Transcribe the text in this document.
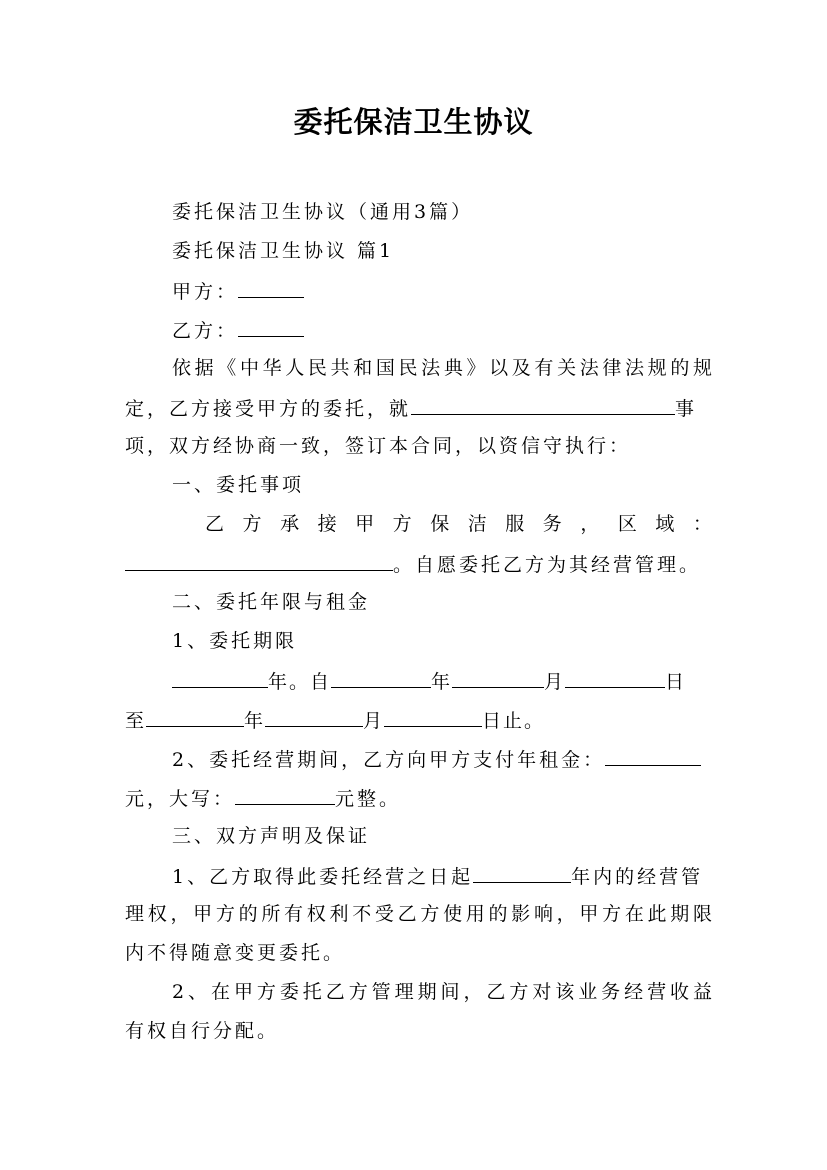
委托保洁卫生协议
委托保洁卫生协议（通用3篇）
委托保洁卫生协议 篇1
甲方：
乙方：
依据《中华人民共和国民法典》以及有关法律法规的规
定，乙方接受甲方的委托，就	事
项，双方经协商一致，签订本合同，以资信守执行：
一、委托事项
乙 方 承 接 甲 方 保 洁 服 务 ， 区 域 ：
。自愿委托乙方为其经营管理。
二、委托年限与租金
1、委托期限
年。自	年	月	日
至	年	月	日止。
2、委托经营期间，乙方向甲方支付年租金：
元，大写：	元整。
三、双方声明及保证
1、乙方取得此委托经营之日起	年内的经营管
理权，甲方的所有权利不受乙方使用的影响，甲方在此期限
内不得随意变更委托。
2、在甲方委托乙方管理期间，乙方对该业务经营收益
有权自行分配。
